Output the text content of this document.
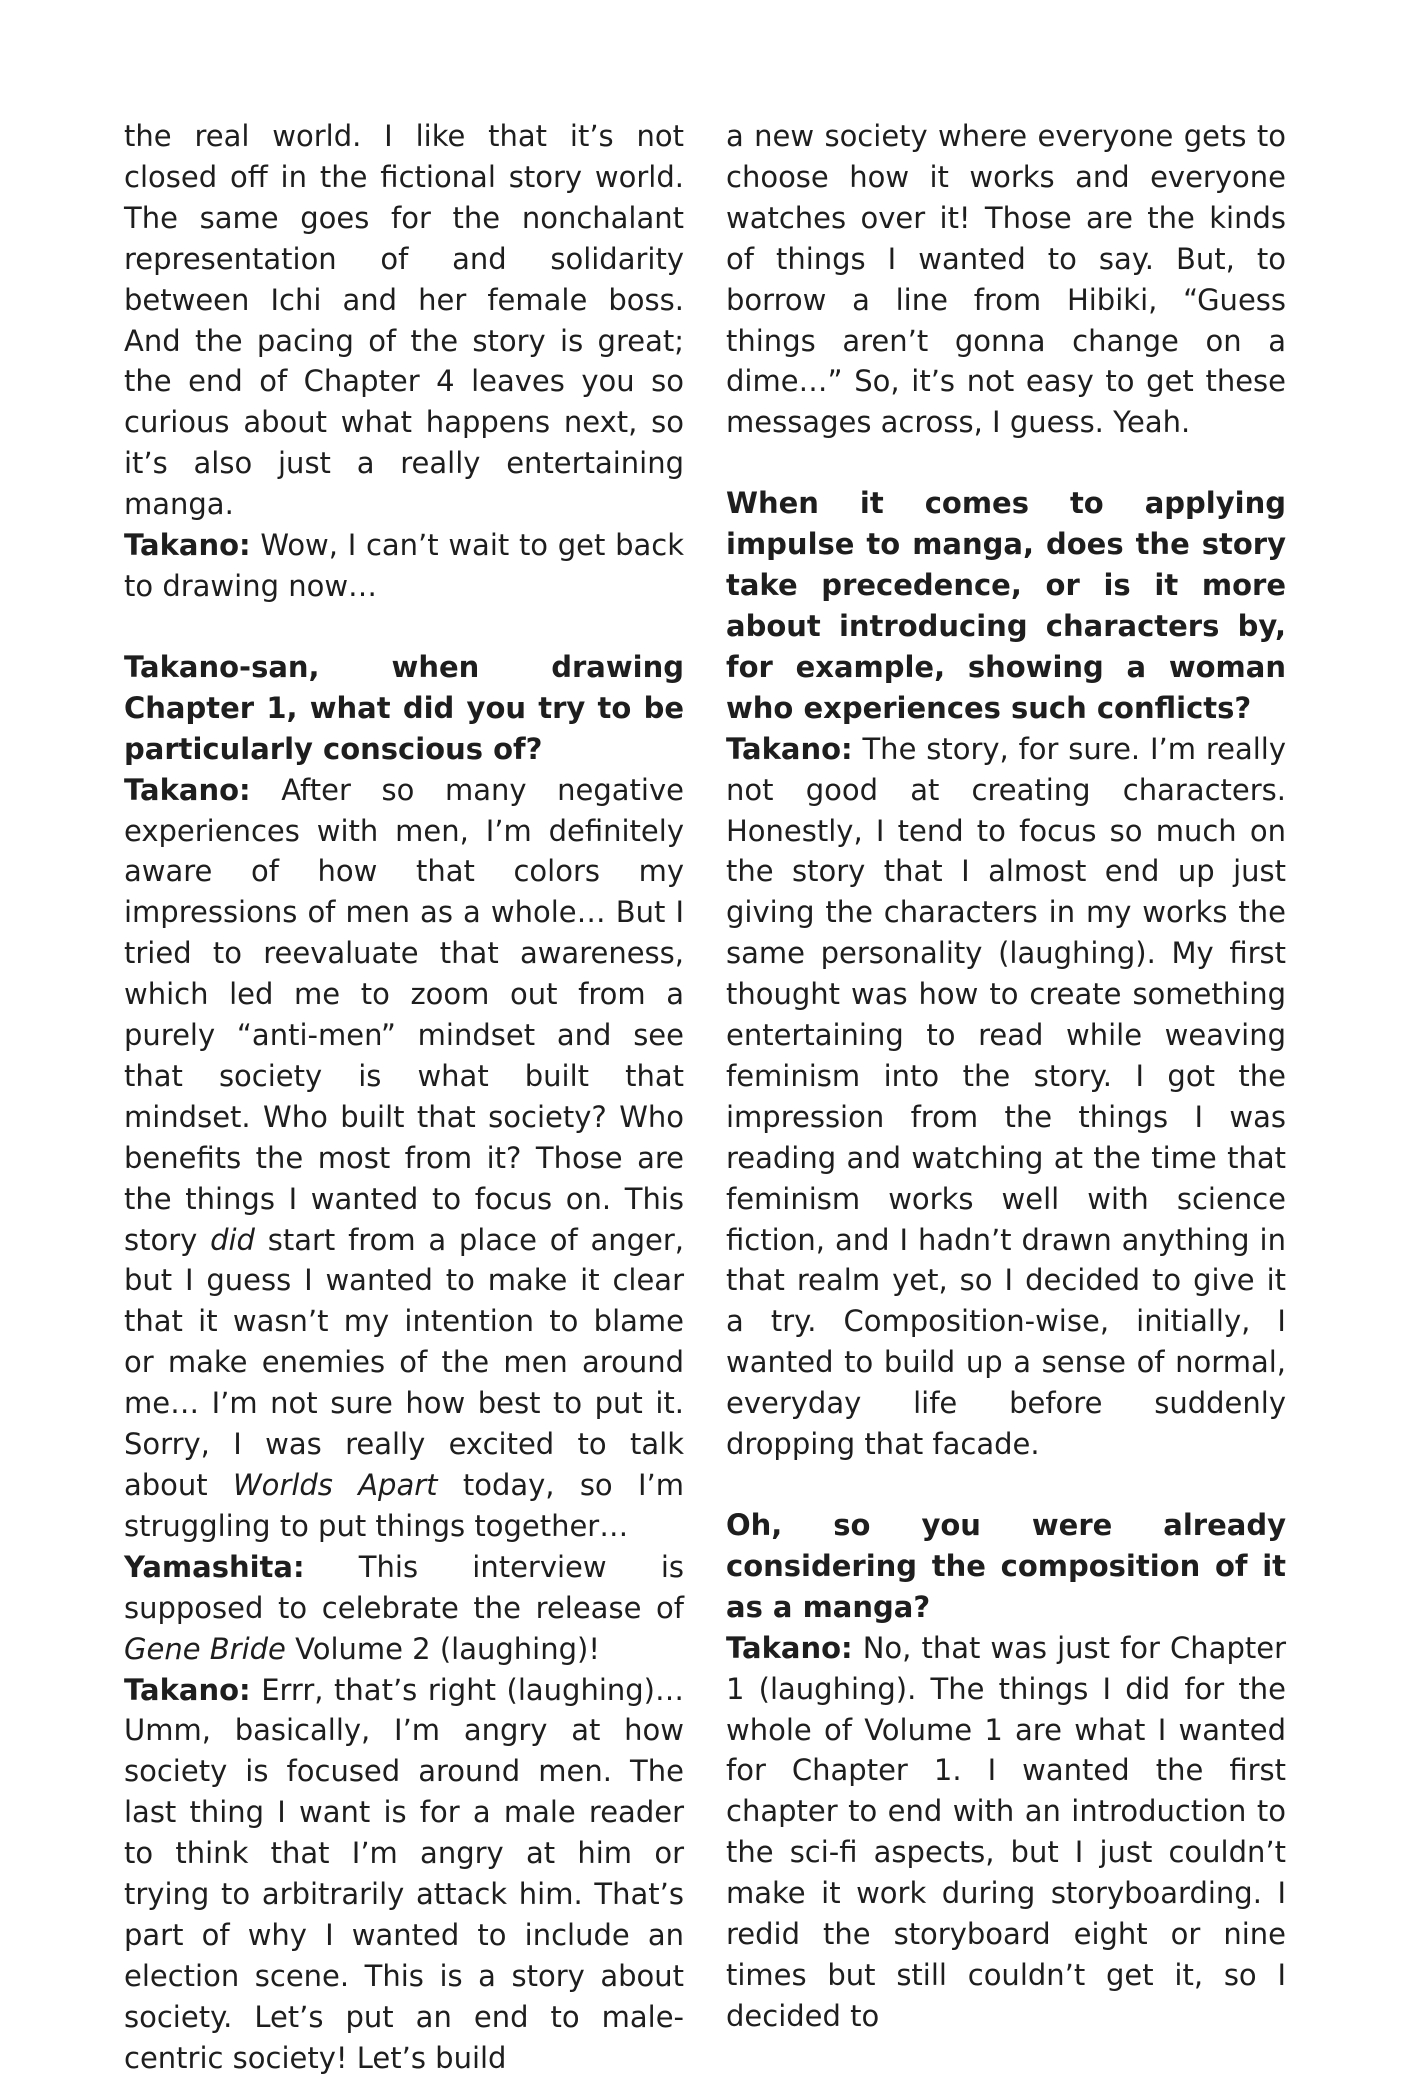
the real world. I like that it’s not closed off in the fictional story world. The same goes for the nonchalant representation of and solidarity between Ichi and her female boss. And the pacing of the story is great; the end of Chapter 4 leaves you so curious about what happens next, so it’s also just a really entertaining manga.
Takano: Wow, I can’t wait to get back to drawing now…

Takano-san, when drawing Chapter 1, what did you try to be particularly conscious of?

Takano: After so many negative experiences with men, I’m definitely aware of how that colors my impressions of men as a whole… But I tried to reevaluate that awareness, which led me to zoom out from a purely “anti-men” mindset and see that society is what built that mindset. Who built that society? Who benefits the most from it? Those are the things I wanted to focus on. This story did start from a place of anger, but I guess I wanted to make it clear that it wasn’t my intention to blame or make enemies of the men around me… I’m not sure how best to put it. Sorry, I was really excited to talk about Worlds Apart today, so I’m struggling to put things together…

Yamashita: This interview is supposed to celebrate the release of Gene Bride Volume 2 (laughing)!

Takano: Errr, that’s right (laughing)… Umm, basically, I’m angry at how society is focused around men. The last thing I want is for a male reader to think that I’m angry at him or trying to arbitrarily attack him. That’s part of why I wanted to include an election scene. This is a story about society. Let’s put an end to male-centric society! Let’s build

a new society where everyone gets to choose how it works and everyone watches over it! Those are the kinds of things I wanted to say. But, to borrow a line from Hibiki, “Guess things aren’t gonna change on a dime…” So, it’s not easy to get these messages across, I guess. Yeah.

When it comes to applying impulse to manga, does the story take precedence, or is it more about introducing characters by, for example, showing a woman who experiences such conflicts?

Takano: The story, for sure. I’m really not good at creating characters. Honestly, I tend to focus so much on the story that I almost end up just giving the characters in my works the same personality (laughing). My first thought was how to create something entertaining to read while weaving feminism into the story. I got the impression from the things I was reading and watching at the time that feminism works well with science fiction, and I hadn’t drawn anything in that realm yet, so I decided to give it a try. Composition-wise, initially, I wanted to build up a sense of normal, everyday life before suddenly dropping that facade.

Oh, so you were already considering the composition of it as a manga?

Takano: No, that was just for Chapter 1 (laughing). The things I did for the whole of Volume 1 are what I wanted for Chapter 1. I wanted the first chapter to end with an introduction to the sci-fi aspects, but I just couldn’t make it work during storyboarding. I redid the storyboard eight or nine times but still couldn’t get it, so I decided to
